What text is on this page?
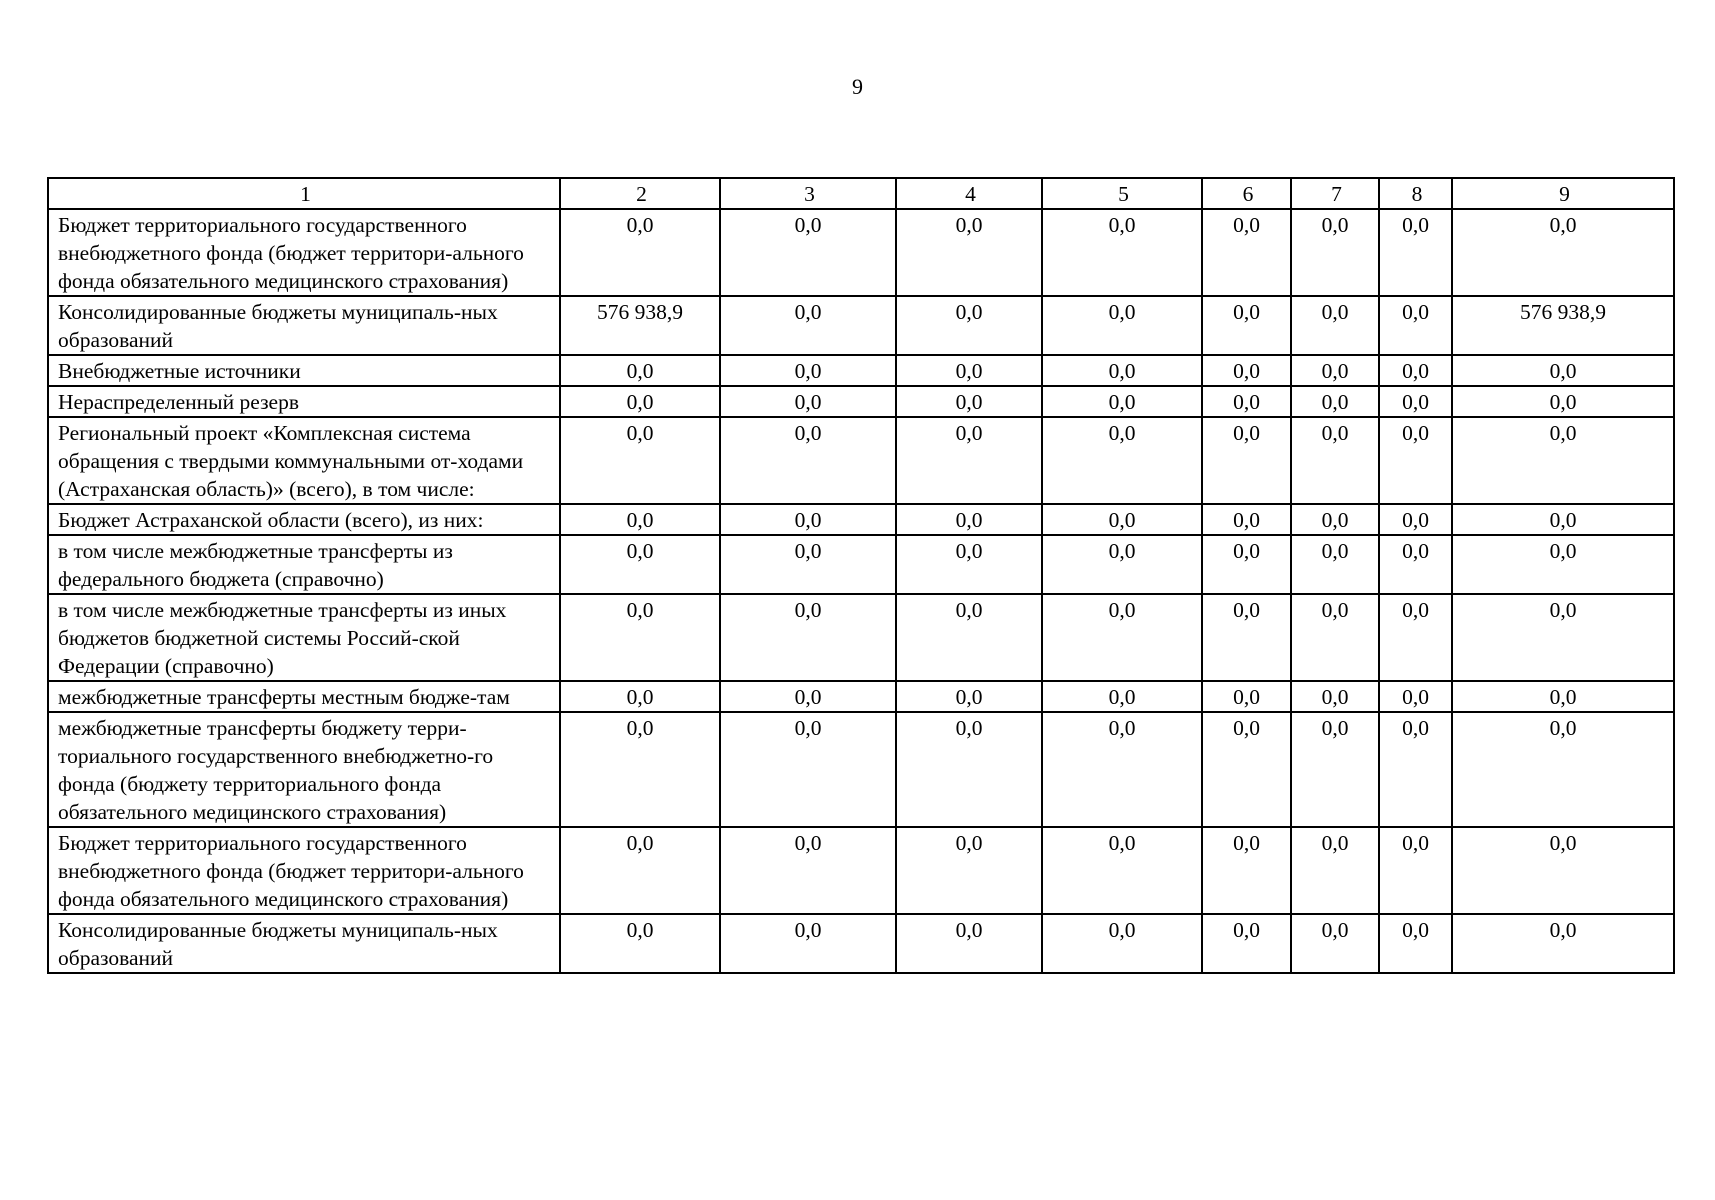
9
1	2	3	4	5	6	7	8	9
Бюджет территориального государственного внебюджетного фонда (бюджет территори-ального фонда обязательного медицинского страхования)	0,0	0,0	0,0	0,0	0,0	0,0	0,0	0,0
Консолидированные бюджеты муниципаль-ных образований	576 938,9	0,0	0,0	0,0	0,0	0,0	0,0	576 938,9
Внебюджетные источники	0,0	0,0	0,0	0,0	0,0	0,0	0,0	0,0
Нераспределенный резерв	0,0	0,0	0,0	0,0	0,0	0,0	0,0	0,0
Региональный проект «Комплексная система обращения с твердыми коммунальными от-ходами (Астраханская область)» (всего), в том числе:	0,0	0,0	0,0	0,0	0,0	0,0	0,0	0,0
Бюджет Астраханской области (всего), из них:	0,0	0,0	0,0	0,0	0,0	0,0	0,0	0,0
в том числе межбюджетные трансферты из федерального бюджета (справочно)	0,0	0,0	0,0	0,0	0,0	0,0	0,0	0,0
в том числе межбюджетные трансферты из иных бюджетов бюджетной системы Россий-ской Федерации (справочно)	0,0	0,0	0,0	0,0	0,0	0,0	0,0	0,0
межбюджетные трансферты местным бюдже-там	0,0	0,0	0,0	0,0	0,0	0,0	0,0	0,0
межбюджетные трансферты бюджету терри-ториального государственного внебюджетно-го фонда (бюджету территориального фонда обязательного медицинского страхования)	0,0	0,0	0,0	0,0	0,0	0,0	0,0	0,0
Бюджет территориального государственного внебюджетного фонда (бюджет территори-ального фонда обязательного медицинского страхования)	0,0	0,0	0,0	0,0	0,0	0,0	0,0	0,0
Консолидированные бюджеты муниципаль-ных образований	0,0	0,0	0,0	0,0	0,0	0,0	0,0	0,0
